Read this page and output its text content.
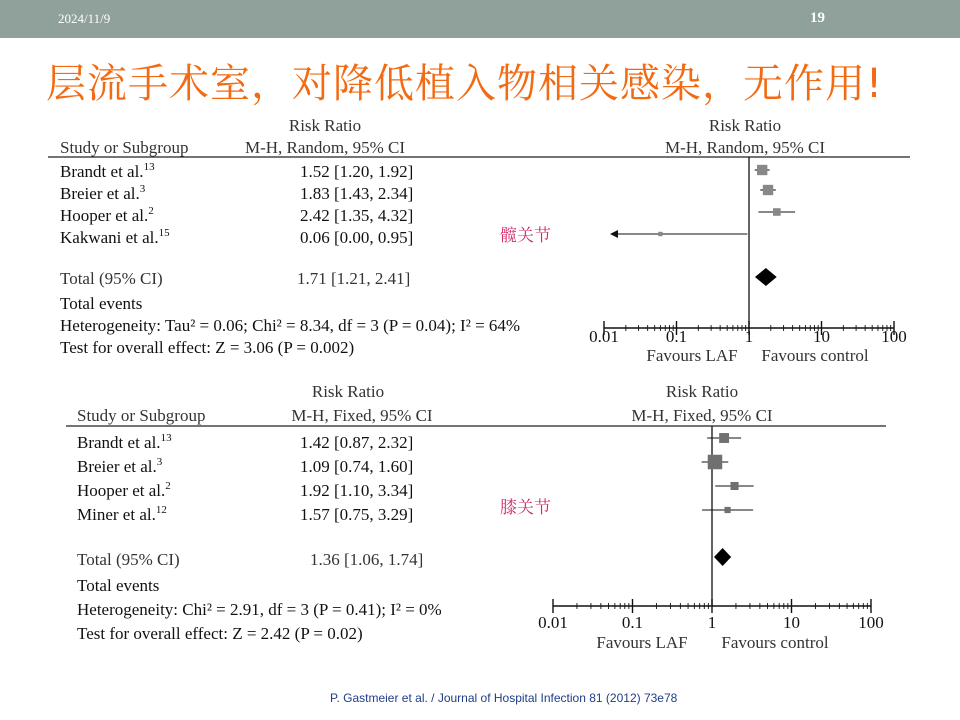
2024/11/9	19
层流手术室，对降低植入物相关感染，无作用!
Risk Ratio
Study or Subgroup	M-H, Random, 95% CI
Risk Ratio
M-H, Random, 95% CI
Brandt et al.$^{13}$	1.52 [1.20, 1.92]
Breier et al.$^3$	1.83 [1.43, 2.34]
Hooper et al.$^2$	2.42 [1.35, 4.32]
Kakwani et al.$^{15}$	0.06 [0.00, 0.95]
Total (95% CI)	1.71 [1.21, 2.41]
Total events
Heterogeneity: Tau² = 0.06; Chi² = 8.34, df = 3 (P = 0.04); I² = 64%
Test for overall effect: Z = 3.06 (P = 0.002)
髋关节
0.01	0.1	1	10	100
Favours LAF Favours control
Risk Ratio
Study or Subgroup	M-H, Fixed, 95% CI
Risk Ratio
M-H, Fixed, 95% CI
Brandt et al.$^{13}$	1.42 [0.87, 2.32]
Breier et al.$^3$	1.09 [0.74, 1.60]
Hooper et al.$^2$	1.92 [1.10, 3.34]
Miner et al.$^{12}$	1.57 [0.75, 3.29]
Total (95% CI)	1.36 [1.06, 1.74]
Total events
Heterogeneity: Chi² = 2.91, df = 3 (P = 0.41); I² = 0%
Test for overall effect: Z = 2.42 (P = 0.02)
膝关节
0.01	0.1	1	10	100
Favours LAF Favours control
P. Gastmeier et al. / Journal of Hospital Infection 81 (2012) 73e78
